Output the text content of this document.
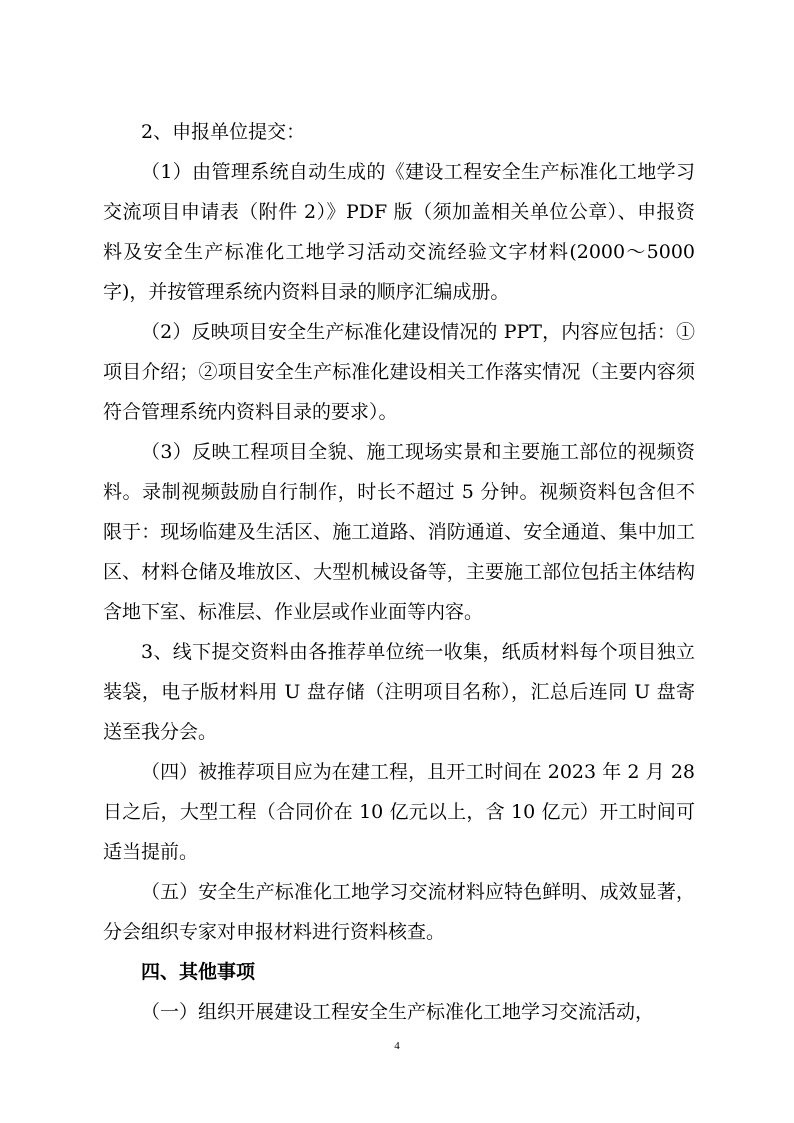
2、申报单位提交：

（1）由管理系统自动生成的《建设工程安全生产标准化工地学习交流项目申请表（附件 2）》PDF 版（须加盖相关单位公章）、申报资料及安全生产标准化工地学习活动交流经验文字材料(2000～5000字)，并按管理系统内资料目录的顺序汇编成册。

（2）反映项目安全生产标准化建设情况的 PPT，内容应包括：①项目介绍；②项目安全生产标准化建设相关工作落实情况（主要内容须符合管理系统内资料目录的要求）。

（3）反映工程项目全貌、施工现场实景和主要施工部位的视频资料。录制视频鼓励自行制作，时长不超过 5 分钟。视频资料包含但不限于：现场临建及生活区、施工道路、消防通道、安全通道、集中加工区、材料仓储及堆放区、大型机械设备等，主要施工部位包括主体结构含地下室、标准层、作业层或作业面等内容。

3、线下提交资料由各推荐单位统一收集，纸质材料每个项目独立装袋，电子版材料用 U 盘存储（注明项目名称），汇总后连同 U 盘寄送至我分会。

（四）被推荐项目应为在建工程，且开工时间在 2023 年 2 月 28 日之后，大型工程（合同价在 10 亿元以上，含 10 亿元）开工时间可适当提前。

（五）安全生产标准化工地学习交流材料应特色鲜明、成效显著，分会组织专家对申报材料进行资料核查。

四、其他事项

（一）组织开展建设工程安全生产标准化工地学习交流活动，

4
